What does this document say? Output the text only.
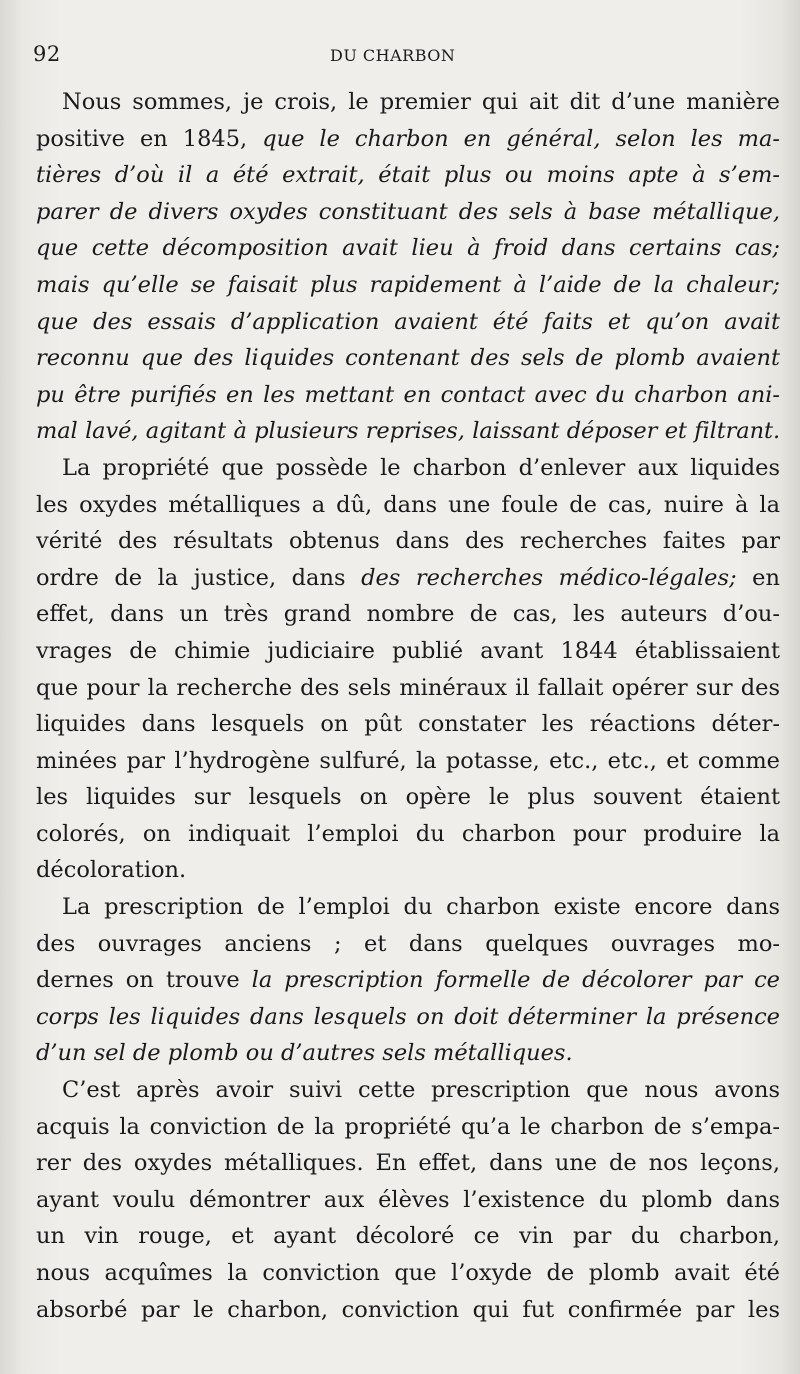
92	DU CHARBON
Nous sommes, je crois, le premier qui ait dit d’une manière
positive en 1845, que le charbon en général, selon les ma-
tières d’où il a été extrait, était plus ou moins apte à s’em-
parer de divers oxydes constituant des sels à base métallique,
que cette décomposition avait lieu à froid dans certains cas;
mais qu’elle se faisait plus rapidement à l’aide de la chaleur;
que des essais d’application avaient été faits et qu’on avait
reconnu que des liquides contenant des sels de plomb avaient
pu être purifiés en les mettant en contact avec du charbon ani-
mal lavé, agitant à plusieurs reprises, laissant déposer et filtrant.
La propriété que possède le charbon d’enlever aux liquides
les oxydes métalliques a dû, dans une foule de cas, nuire à la
vérité des résultats obtenus dans des recherches faites par
ordre de la justice, dans des recherches médico-légales; en
effet, dans un très grand nombre de cas, les auteurs d’ou-
vrages de chimie judiciaire publié avant 1844 établissaient
que pour la recherche des sels minéraux il fallait opérer sur des
liquides dans lesquels on pût constater les réactions déter-
minées par l’hydrogène sulfuré, la potasse, etc., etc., et comme
les liquides sur lesquels on opère le plus souvent étaient
colorés, on indiquait l’emploi du charbon pour produire la
décoloration.
La prescription de l’emploi du charbon existe encore dans
des ouvrages anciens ; et dans quelques ouvrages mo-
dernes on trouve la prescription formelle de décolorer par ce
corps les liquides dans lesquels on doit déterminer la présence
d’un sel de plomb ou d’autres sels métalliques.
C’est après avoir suivi cette prescription que nous avons
acquis la conviction de la propriété qu’a le charbon de s’empa-
rer des oxydes métalliques. En effet, dans une de nos leçons,
ayant voulu démontrer aux élèves l’existence du plomb dans
un vin rouge, et ayant décoloré ce vin par du charbon,
nous acquîmes la conviction que l’oxyde de plomb avait été
absorbé par le charbon, conviction qui fut confirmée par les
